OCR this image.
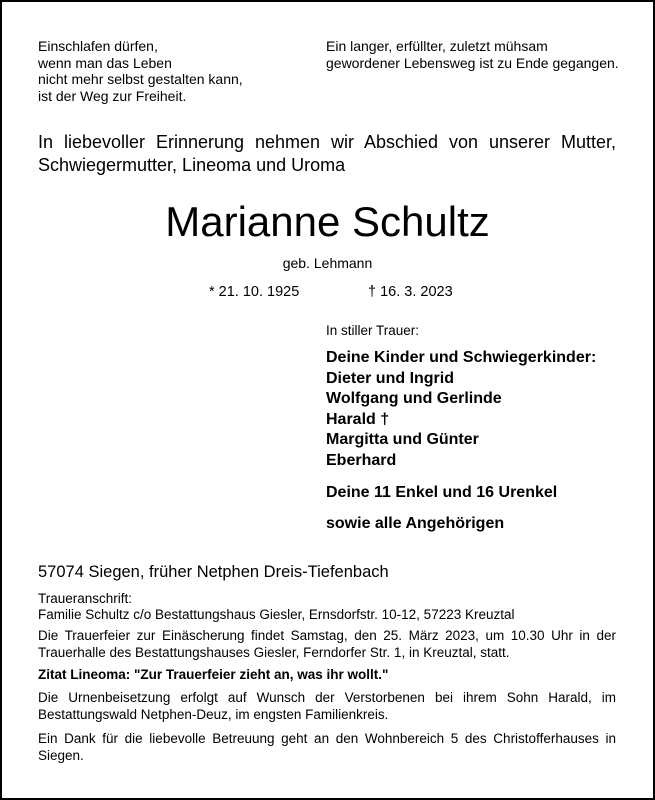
Einschlafen dürfen,
wenn man das Leben
nicht mehr selbst gestalten kann,
ist der Weg zur Freiheit.
Ein langer, erfüllter, zuletzt mühsam
gewordener Lebensweg ist zu Ende gegangen.
In liebevoller Erinnerung nehmen wir Abschied von unserer Mutter, Schwiegermutter, Lineoma und Uroma
Marianne Schultz
geb. Lehmann
* 21. 10. 1925	† 16. 3. 2023
In stiller Trauer:
Deine Kinder und Schwiegerkinder:
Dieter und Ingrid
Wolfgang und Gerlinde
Harald †
Margitta und Günter
Eberhard
Deine 11 Enkel und 16 Urenkel
sowie alle Angehörigen
57074 Siegen, früher Netphen Dreis-Tiefenbach
Traueranschrift:
Familie Schultz c/o Bestattungshaus Giesler, Ernsdorfstr. 10-12, 57223 Kreuztal
Die Trauerfeier zur Einäscherung findet Samstag, den 25. März 2023, um 10.30 Uhr in der Trauerhalle des Bestattungshauses Giesler, Ferndorfer Str. 1, in Kreuztal, statt.
Zitat Lineoma: "Zur Trauerfeier zieht an, was ihr wollt."
Die Urnenbeisetzung erfolgt auf Wunsch der Verstorbenen bei ihrem Sohn Harald, im Bestattungswald Netphen-Deuz, im engsten Familienkreis.
Ein Dank für die liebevolle Betreuung geht an den Wohnbereich 5 des Christofferhauses in Siegen.
